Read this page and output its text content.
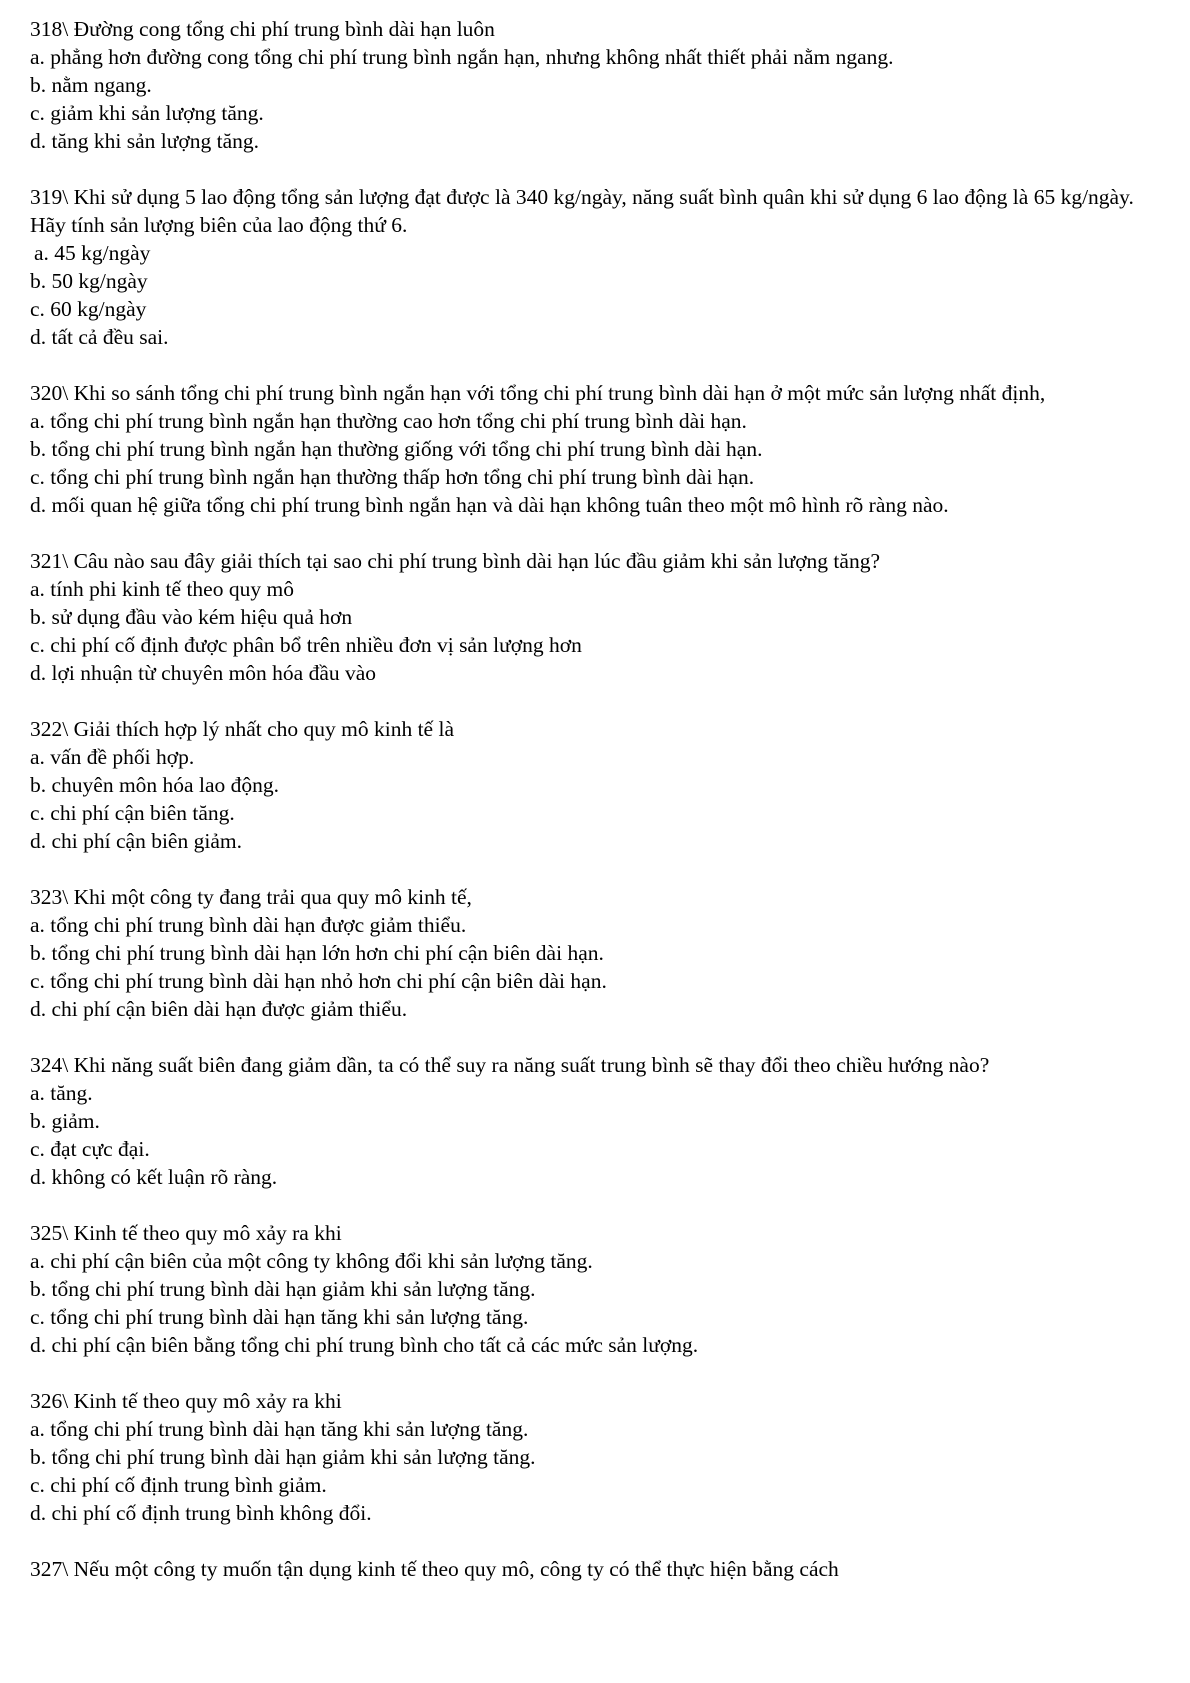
318\ Đường cong tổng chi phí trung bình dài hạn luôn
a. phẳng hơn đường cong tổng chi phí trung bình ngắn hạn, nhưng không nhất thiết phải nằm ngang.
b. nằm ngang.
c. giảm khi sản lượng tăng.
d. tăng khi sản lượng tăng.
319\ Khi sử dụng 5 lao động tổng sản lượng đạt được là 340 kg/ngày, năng suất bình quân khi sử dụng 6 lao động là 65 kg/ngày. Hãy tính sản lượng biên của lao động thứ 6.
a. 45 kg/ngày
b. 50 kg/ngày
c. 60 kg/ngày
d. tất cả đều sai.
320\ Khi so sánh tổng chi phí trung bình ngắn hạn với tổng chi phí trung bình dài hạn ở một mức sản lượng nhất định,
a. tổng chi phí trung bình ngắn hạn thường cao hơn tổng chi phí trung bình dài hạn.
b. tổng chi phí trung bình ngắn hạn thường giống với tổng chi phí trung bình dài hạn.
c. tổng chi phí trung bình ngắn hạn thường thấp hơn tổng chi phí trung bình dài hạn.
d. mối quan hệ giữa tổng chi phí trung bình ngắn hạn và dài hạn không tuân theo một mô hình rõ ràng nào.
321\ Câu nào sau đây giải thích tại sao chi phí trung bình dài hạn lúc đầu giảm khi sản lượng tăng?
a. tính phi kinh tế theo quy mô
b. sử dụng đầu vào kém hiệu quả hơn
c. chi phí cố định được phân bổ trên nhiều đơn vị sản lượng hơn
d. lợi nhuận từ chuyên môn hóa đầu vào
322\ Giải thích hợp lý nhất cho quy mô kinh tế là
a. vấn đề phối hợp.
b. chuyên môn hóa lao động.
c. chi phí cận biên tăng.
d. chi phí cận biên giảm.
323\ Khi một công ty đang trải qua quy mô kinh tế,
a. tổng chi phí trung bình dài hạn được giảm thiểu.
b. tổng chi phí trung bình dài hạn lớn hơn chi phí cận biên dài hạn.
c. tổng chi phí trung bình dài hạn nhỏ hơn chi phí cận biên dài hạn.
d. chi phí cận biên dài hạn được giảm thiểu.
324\ Khi năng suất biên đang giảm dần, ta có thể suy ra năng suất trung bình sẽ thay đổi theo chiều hướng nào?
a. tăng.
b. giảm.
c. đạt cực đại.
d. không có kết luận rõ ràng.
325\ Kinh tế theo quy mô xảy ra khi
a. chi phí cận biên của một công ty không đổi khi sản lượng tăng.
b. tổng chi phí trung bình dài hạn giảm khi sản lượng tăng.
c. tổng chi phí trung bình dài hạn tăng khi sản lượng tăng.
d. chi phí cận biên bằng tổng chi phí trung bình cho tất cả các mức sản lượng.
326\ Kinh tế theo quy mô xảy ra khi
a. tổng chi phí trung bình dài hạn tăng khi sản lượng tăng.
b. tổng chi phí trung bình dài hạn giảm khi sản lượng tăng.
c. chi phí cố định trung bình giảm.
d. chi phí cố định trung bình không đổi.
327\ Nếu một công ty muốn tận dụng kinh tế theo quy mô, công ty có thể thực hiện bằng cách
